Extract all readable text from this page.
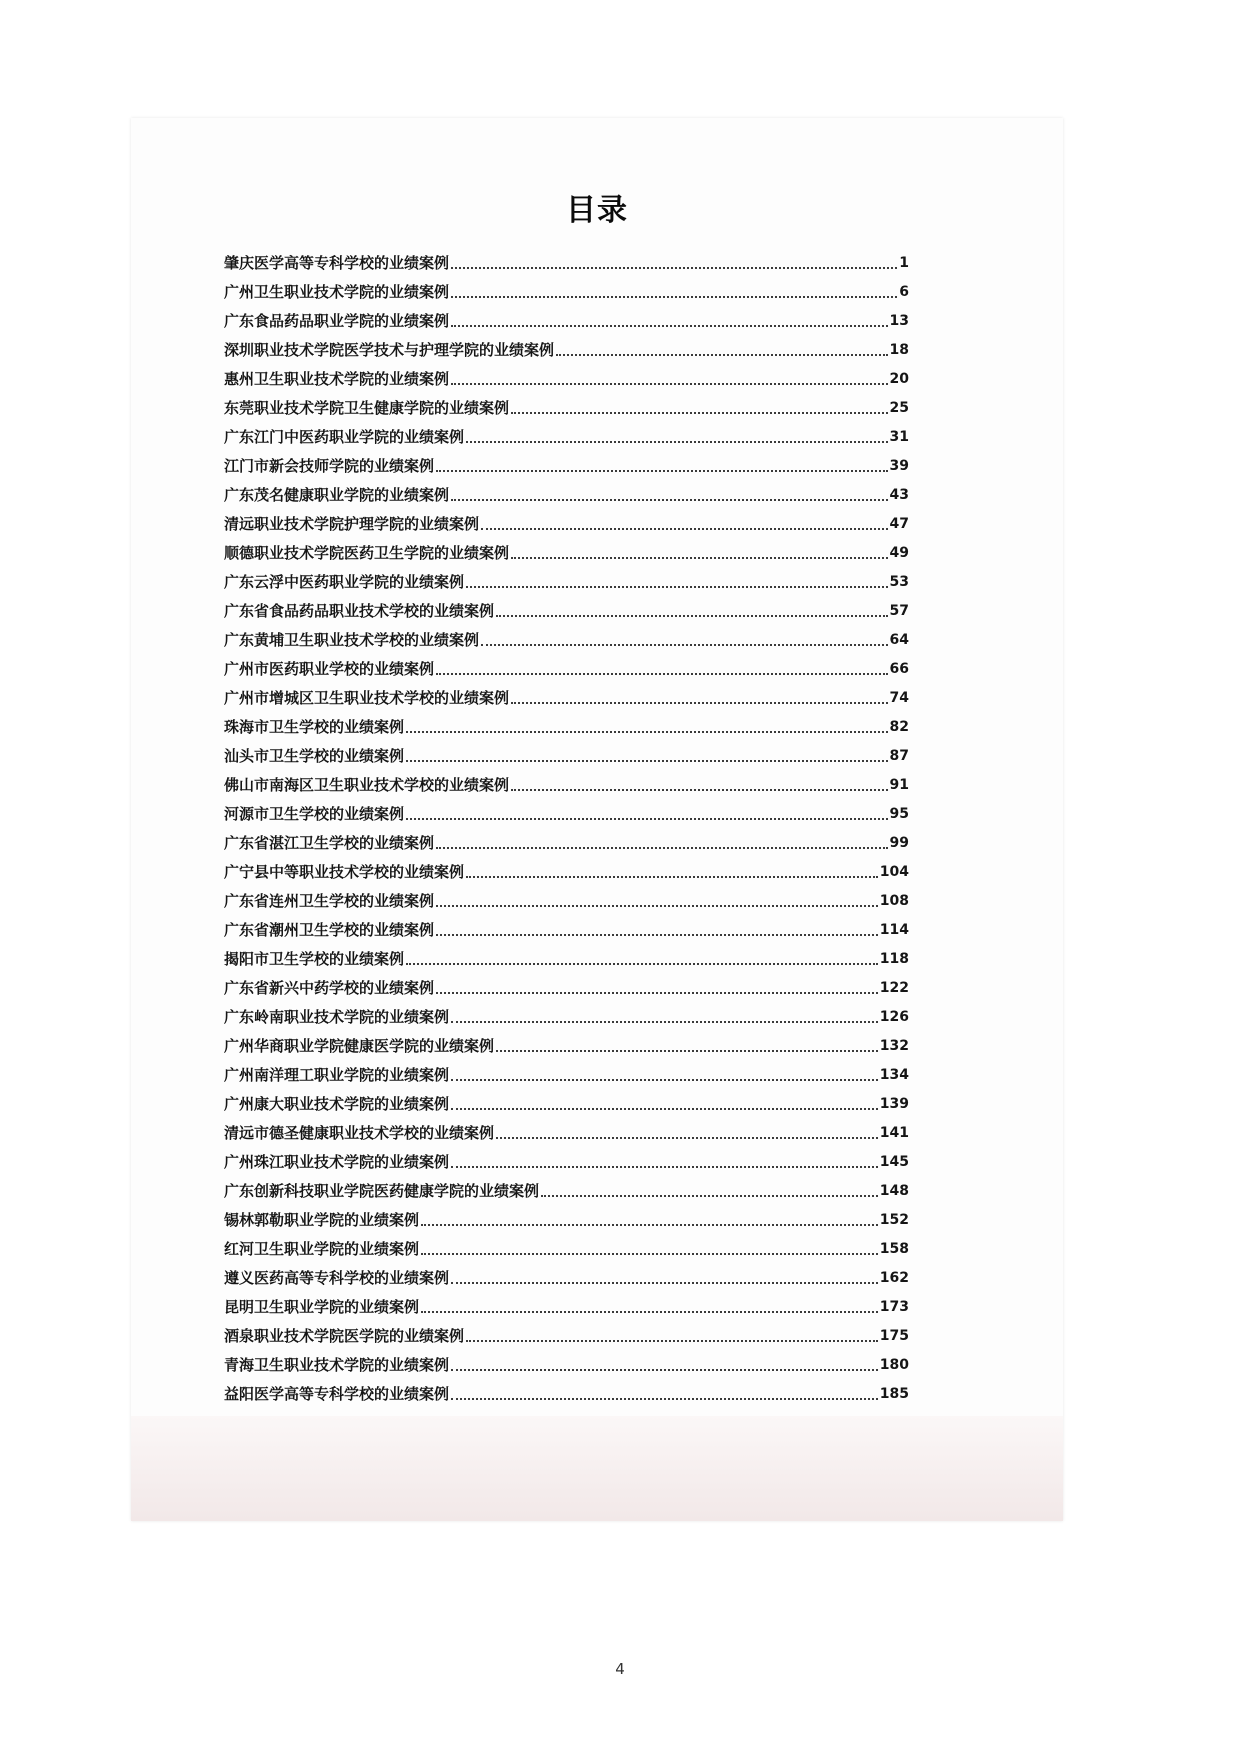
目录
肇庆医学高等专科学校的业绩案例	1
广州卫生职业技术学院的业绩案例	6
广东食品药品职业学院的业绩案例	13
深圳职业技术学院医学技术与护理学院的业绩案例	18
惠州卫生职业技术学院的业绩案例	20
东莞职业技术学院卫生健康学院的业绩案例	25
广东江门中医药职业学院的业绩案例	31
江门市新会技师学院的业绩案例	39
广东茂名健康职业学院的业绩案例	43
清远职业技术学院护理学院的业绩案例	47
顺德职业技术学院医药卫生学院的业绩案例	49
广东云浮中医药职业学院的业绩案例	53
广东省食品药品职业技术学校的业绩案例	57
广东黄埔卫生职业技术学校的业绩案例	64
广州市医药职业学校的业绩案例	66
广州市增城区卫生职业技术学校的业绩案例	74
珠海市卫生学校的业绩案例	82
汕头市卫生学校的业绩案例	87
佛山市南海区卫生职业技术学校的业绩案例	91
河源市卫生学校的业绩案例	95
广东省湛江卫生学校的业绩案例	99
广宁县中等职业技术学校的业绩案例	104
广东省连州卫生学校的业绩案例	108
广东省潮州卫生学校的业绩案例	114
揭阳市卫生学校的业绩案例	118
广东省新兴中药学校的业绩案例	122
广东岭南职业技术学院的业绩案例	126
广州华商职业学院健康医学院的业绩案例	132
广州南洋理工职业学院的业绩案例	134
广州康大职业技术学院的业绩案例	139
清远市德圣健康职业技术学校的业绩案例	141
广州珠江职业技术学院的业绩案例	145
广东创新科技职业学院医药健康学院的业绩案例	148
锡林郭勒职业学院的业绩案例	152
红河卫生职业学院的业绩案例	158
遵义医药高等专科学校的业绩案例	162
昆明卫生职业学院的业绩案例	173
酒泉职业技术学院医学院的业绩案例	175
青海卫生职业技术学院的业绩案例	180
益阳医学高等专科学校的业绩案例	185
4
